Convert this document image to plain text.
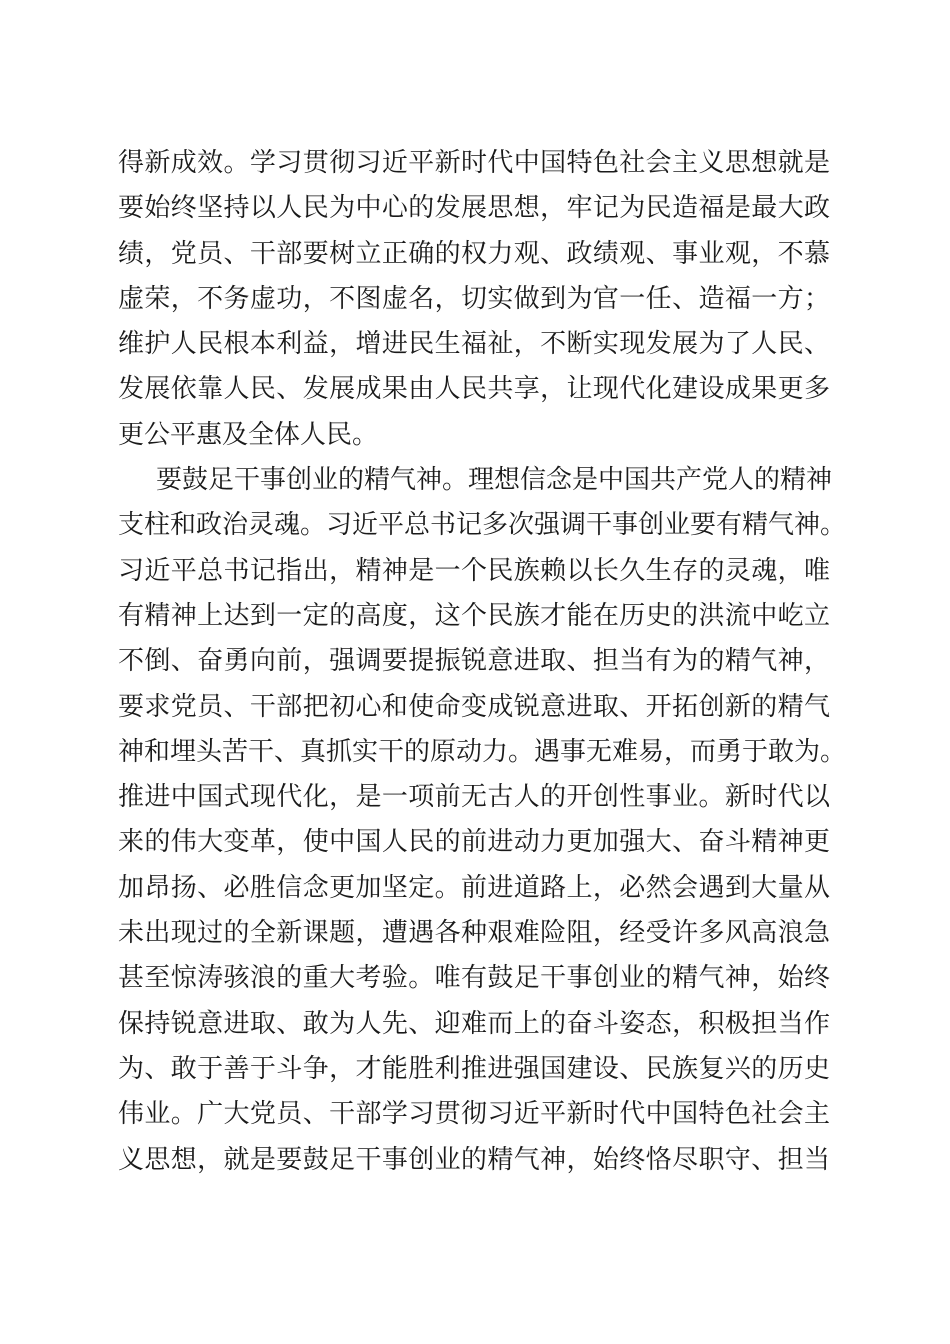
得新成效。学习贯彻习近平新时代中国特色社会主义思想就是
要始终坚持以人民为中心的发展思想，牢记为民造福是最大政
绩，党员、干部要树立正确的权力观、政绩观、事业观，不慕
虚荣，不务虚功，不图虚名，切实做到为官一任、造福一方；
维护人民根本利益，增进民生福祉，不断实现发展为了人民、
发展依靠人民、发展成果由人民共享，让现代化建设成果更多
更公平惠及全体人民。
要鼓足干事创业的精气神。理想信念是中国共产党人的精神
支柱和政治灵魂。习近平总书记多次强调干事创业要有精气神。
习近平总书记指出，精神是一个民族赖以长久生存的灵魂，唯
有精神上达到一定的高度，这个民族才能在历史的洪流中屹立
不倒、奋勇向前，强调要提振锐意进取、担当有为的精气神，
要求党员、干部把初心和使命变成锐意进取、开拓创新的精气
神和埋头苦干、真抓实干的原动力。遇事无难易，而勇于敢为。
推进中国式现代化，是一项前无古人的开创性事业。新时代以
来的伟大变革，使中国人民的前进动力更加强大、奋斗精神更
加昂扬、必胜信念更加坚定。前进道路上，必然会遇到大量从
未出现过的全新课题，遭遇各种艰难险阻，经受许多风高浪急
甚至惊涛骇浪的重大考验。唯有鼓足干事创业的精气神，始终
保持锐意进取、敢为人先、迎难而上的奋斗姿态，积极担当作
为、敢于善于斗争，才能胜利推进强国建设、民族复兴的历史
伟业。广大党员、干部学习贯彻习近平新时代中国特色社会主
义思想，就是要鼓足干事创业的精气神，始终恪尽职守、担当
